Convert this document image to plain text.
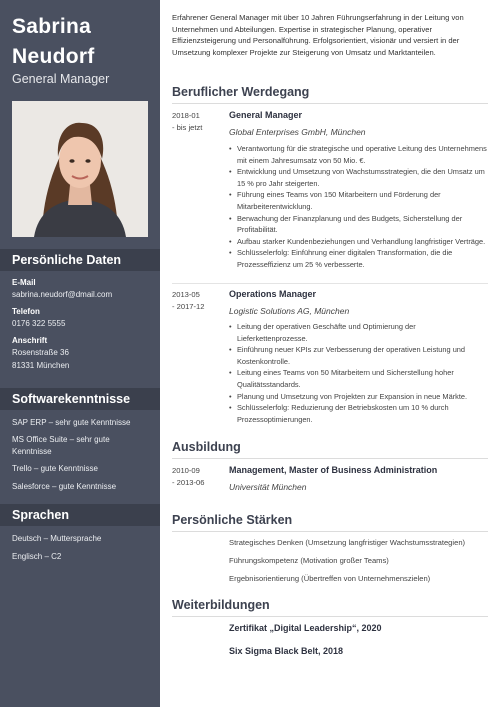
Sabrina
Neudorf
General Manager
Persönliche Daten
E-Mail
sabrina.neudorf@dmail.com
Telefon
0176 322 5555
Anschrift
Rosenstraße 36
81331 München
Softwarekenntnisse
SAP ERP – sehr gute Kenntnisse
MS Office Suite – sehr gute Kenntnisse
Trello – gute Kenntnisse
Salesforce – gute Kenntnisse
Sprachen
Deutsch – Muttersprache
Englisch – C2
Erfahrener General Manager mit über 10 Jahren Führungserfahrung in der Leitung von Unternehmen und Abteilungen. Expertise in strategischer Planung, operativer Effizienzsteigerung und Personalführung. Erfolgsorientiert, visionär und versiert in der Umsetzung komplexer Projekte zur Steigerung von Umsatz und Marktanteilen.
Beruflicher Werdegang
2018-01
- bis jetzt
General Manager
Global Enterprises GmbH, München
• Verantwortung für die strategische und operative Leitung des Unternehmens mit einem Jahresumsatz von 50 Mio. €.
• Entwicklung und Umsetzung von Wachstumsstrategien, die den Umsatz um 15 % pro Jahr steigerten.
• Führung eines Teams von 150 Mitarbeitern und Förderung der Mitarbeiterentwicklung.
• Berwachung der Finanzplanung und des Budgets, Sicherstellung der Profitabilität.
• Aufbau starker Kundenbeziehungen und Verhandlung langfristiger Verträge.
• Schlüsselerfolg: Einführung einer digitalen Transformation, die die Prozesseffizienz um 25 % verbesserte.
2013-05
- 2017-12
Operations Manager
Logistic Solutions AG, München
• Leitung der operativen Geschäfte und Optimierung der Lieferkettenprozesse.
• Einführung neuer KPIs zur Verbesserung der operativen Leistung und Kostenkontrolle.
• Leitung eines Teams von 50 Mitarbeitern und Sicherstellung hoher Qualitätsstandards.
• Planung und Umsetzung von Projekten zur Expansion in neue Märkte.
• Schlüsselerfolg: Reduzierung der Betriebskosten um 10 % durch Prozessoptimierungen.
Ausbildung
2010-09
- 2013-06
Management, Master of Business Administration
Universität München
Persönliche Stärken
Strategisches Denken (Umsetzung langfristiger Wachstumsstrategien)
Führungskompetenz (Motivation großer Teams)
Ergebnisorientierung (Übertreffen von Unternehmenszielen)
Weiterbildungen
Zertifikat „Digital Leadership“, 2020
Six Sigma Black Belt, 2018
